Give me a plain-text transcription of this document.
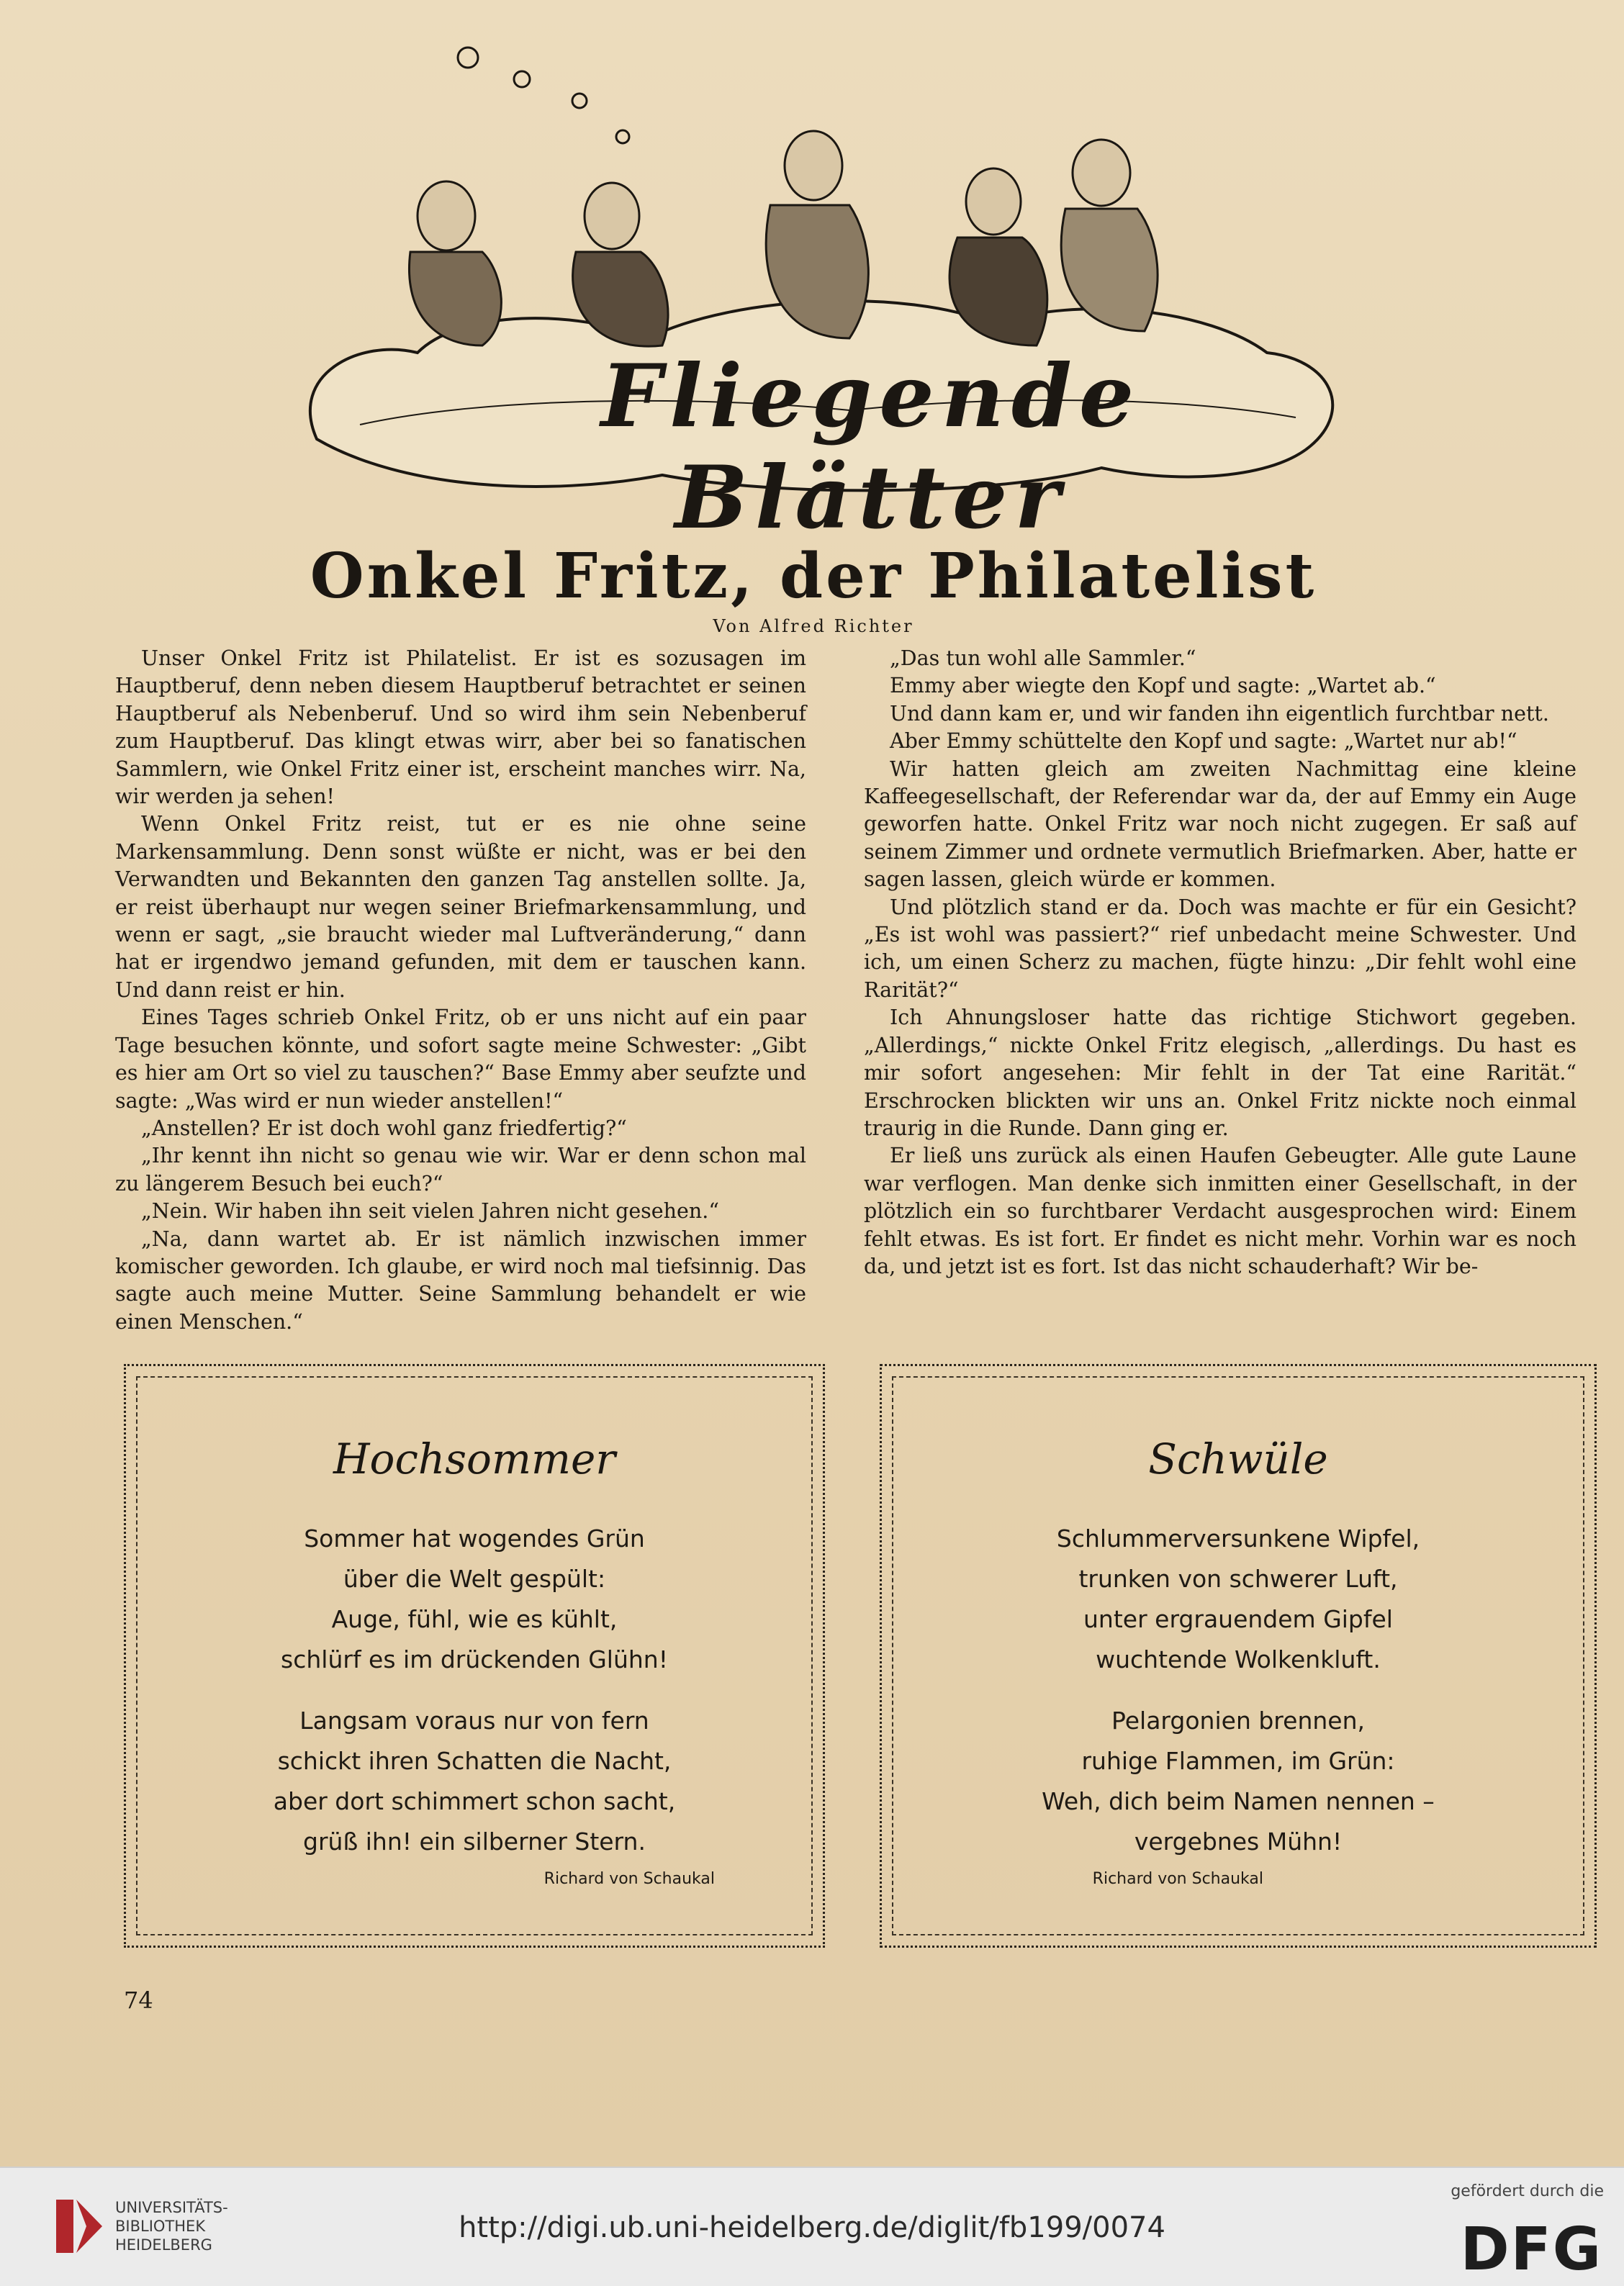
Fliegende Blätter
Onkel Fritz, der Philatelist
Von Alfred Richter

Unser Onkel Fritz ist Philatelist. Er ist es sozusagen im Hauptberuf, denn neben diesem Hauptberuf betrachtet er seinen Hauptberuf als Nebenberuf. Und so wird ihm sein Nebenberuf zum Hauptberuf. Das klingt etwas wirr, aber bei so fanatischen Sammlern, wie Onkel Fritz einer ist, erscheint manches wirr. Na, wir werden ja sehen!

Wenn Onkel Fritz reist, tut er es nie ohne seine Markensammlung. Denn sonst wüßte er nicht, was er bei den Verwandten und Bekannten den ganzen Tag anstellen sollte. Ja, er reist überhaupt nur wegen seiner Briefmarkensammlung, und wenn er sagt, „sie braucht wieder mal Luftveränderung,“ dann hat er irgendwo jemand gefunden, mit dem er tauschen kann. Und dann reist er hin.

Eines Tages schrieb Onkel Fritz, ob er uns nicht auf ein paar Tage besuchen könnte, und sofort sagte meine Schwester: „Gibt es hier am Ort so viel zu tauschen?“ Base Emmy aber seufzte und sagte: „Was wird er nun wieder anstellen!“

„Anstellen? Er ist doch wohl ganz friedfertig?“

„Ihr kennt ihn nicht so genau wie wir. War er denn schon mal zu längerem Besuch bei euch?“

„Nein. Wir haben ihn seit vielen Jahren nicht gesehen.“

„Na, dann wartet ab. Er ist nämlich inzwischen immer komischer geworden. Ich glaube, er wird noch mal tiefsinnig. Das sagte auch meine Mutter. Seine Sammlung behandelt er wie einen Menschen.“

„Das tun wohl alle Sammler.“

Emmy aber wiegte den Kopf und sagte: „Wartet ab.“

Und dann kam er, und wir fanden ihn eigentlich furchtbar nett.

Aber Emmy schüttelte den Kopf und sagte: „Wartet nur ab!“

Wir hatten gleich am zweiten Nachmittag eine kleine Kaffeegesellschaft, der Referendar war da, der auf Emmy ein Auge geworfen hatte. Onkel Fritz war noch nicht zugegen. Er saß auf seinem Zimmer und ordnete vermutlich Briefmarken. Aber, hatte er sagen lassen, gleich würde er kommen.

Und plötzlich stand er da. Doch was machte er für ein Gesicht? „Es ist wohl was passiert?“ rief unbedacht meine Schwester. Und ich, um einen Scherz zu machen, fügte hinzu: „Dir fehlt wohl eine Rarität?“

Ich Ahnungsloser hatte das richtige Stichwort gegeben. „Allerdings,“ nickte Onkel Fritz elegisch, „allerdings. Du hast es mir sofort angesehen: Mir fehlt in der Tat eine Rarität.“ Erschrocken blickten wir uns an. Onkel Fritz nickte noch einmal traurig in die Runde. Dann ging er.

Er ließ uns zurück als einen Haufen Gebeugter. Alle gute Laune war verflogen. Man denke sich inmitten einer Gesellschaft, in der plötzlich ein so furchtbarer Verdacht ausgesprochen wird: Einem fehlt etwas. Es ist fort. Er findet es nicht mehr. Vorhin war es noch da, und jetzt ist es fort. Ist das nicht schauderhaft? Wir be-

Hochsommer
Sommer hat wogendes Grün
über die Welt gespült:
Auge, fühl, wie es kühlt,
schlürf es im drückenden Glühn!
Langsam voraus nur von fern
schickt ihren Schatten die Nacht,
aber dort schimmert schon sacht,
grüß ihn! ein silberner Stern.
Richard von Schaukal
Schwüle
Schlummerversunkene Wipfel,
trunken von schwerer Luft,
unter ergrauendem Gipfel
wuchtende Wolkenkluft.
Pelargonien brennen,
ruhige Flammen, im Grün:
Weh, dich beim Namen nennen –
vergebnes Mühn!
Richard von Schaukal
74
UNIVERSITÄTS-
BIBLIOTHEK
HEIDELBERG
http://digi.ub.uni-heidelberg.de/diglit/fb199/0074
gefördert durch die
DFG
